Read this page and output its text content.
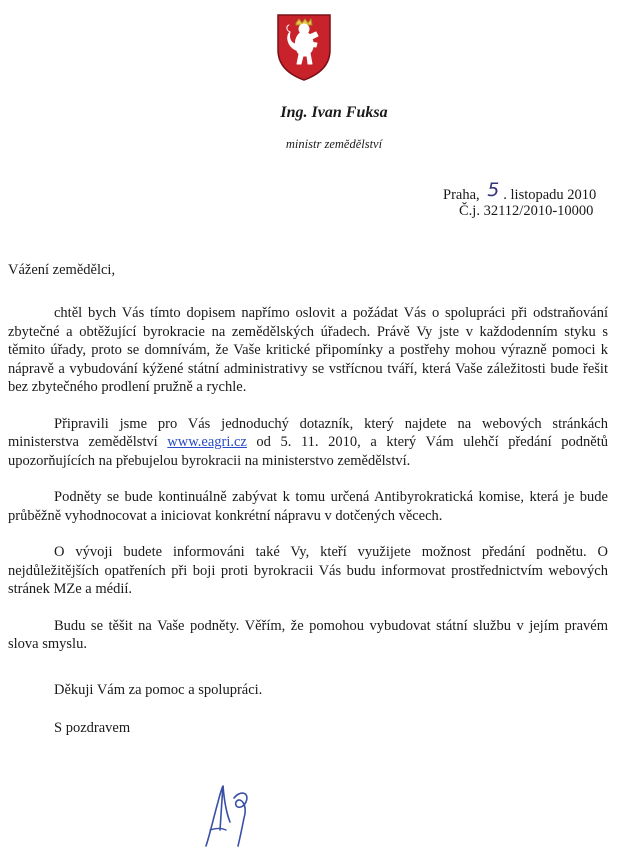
Ing. Ivan Fuksa
ministr zemědělství
Praha, 5 . listopadu 2010
Č.j. 32112/2010-10000
Vážení zemědělci,

chtěl bych Vás tímto dopisem napřímo oslovit a požádat Vás o spolupráci při odstraňování zbytečné a obtěžující byrokracie na zemědělských úřadech. Právě Vy jste v každodenním styku s těmito úřady, proto se domnívám, že Vaše kritické připomínky a postřehy mohou výrazně pomoci k nápravě a vybudování kýžené státní administrativy se vstřícnou tváří, která Vaše záležitosti bude řešit bez zbytečného prodlení pružně a rychle.

Připravili jsme pro Vás jednoduchý dotazník, který najdete na webových stránkách ministerstva zemědělství www.eagri.cz od 5. 11. 2010, a který Vám ulehčí předání podnětů upozorňujících na přebujelou byrokracii na ministerstvo zemědělství.

Podněty se bude kontinuálně zabývat k tomu určená Antibyrokratická komise, která je bude průběžně vyhodnocovat a iniciovat konkrétní nápravu v dotčených věcech.

O vývoji budete informováni také Vy, kteří využijete možnost předání podnětu. O nejdůležitějších opatřeních při boji proti byrokracii Vás budu informovat prostřednictvím webových stránek MZe a médií.

Budu se těšit na Vaše podněty. Věřím, že pomohou vybudovat státní službu v jejím pravém slova smyslu.

Děkuji Vám za pomoc a spolupráci.
S pozdravem
